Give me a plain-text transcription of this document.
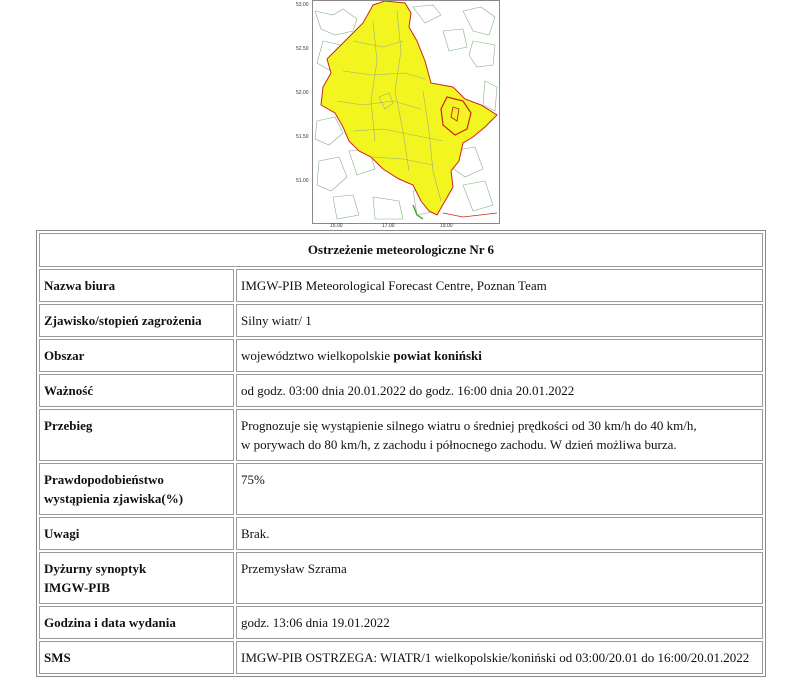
53.00
52.50
52.00
51.50
51.00
15.00	17.00	19.00
Ostrzeżenie meteorologiczne Nr 6	
Nazwa biura	IMGW-PIB Meteorological Forecast Centre, Poznan Team
Zjawisko/stopień zagrożenia	Silny wiatr/ 1
Obszar	województwo wielkopolskie powiat koniński
Ważność	od godz. 03:00 dnia 20.01.2022 do godz. 16:00 dnia 20.01.2022
Przebieg	Prognozuje się wystąpienie silnego wiatru o średniej prędkości od 30 km/h do 40 km/h,
w porywach do 80 km/h, z zachodu i północnego zachodu. W dzień możliwa burza.

Prawdopodobieństwo
wystąpienia zjawiska(%)	75%
Uwagi	Brak.

Dyżurny synoptyk
IMGW-PIB	Przemysław Szrama
Godzina i data wydania	godz. 13:06 dnia 19.01.2022
SMS	IMGW-PIB OSTRZEGA: WIATR/1 wielkopolskie/koniński od 03:00/20.01 do 16:00/20.01.2022
